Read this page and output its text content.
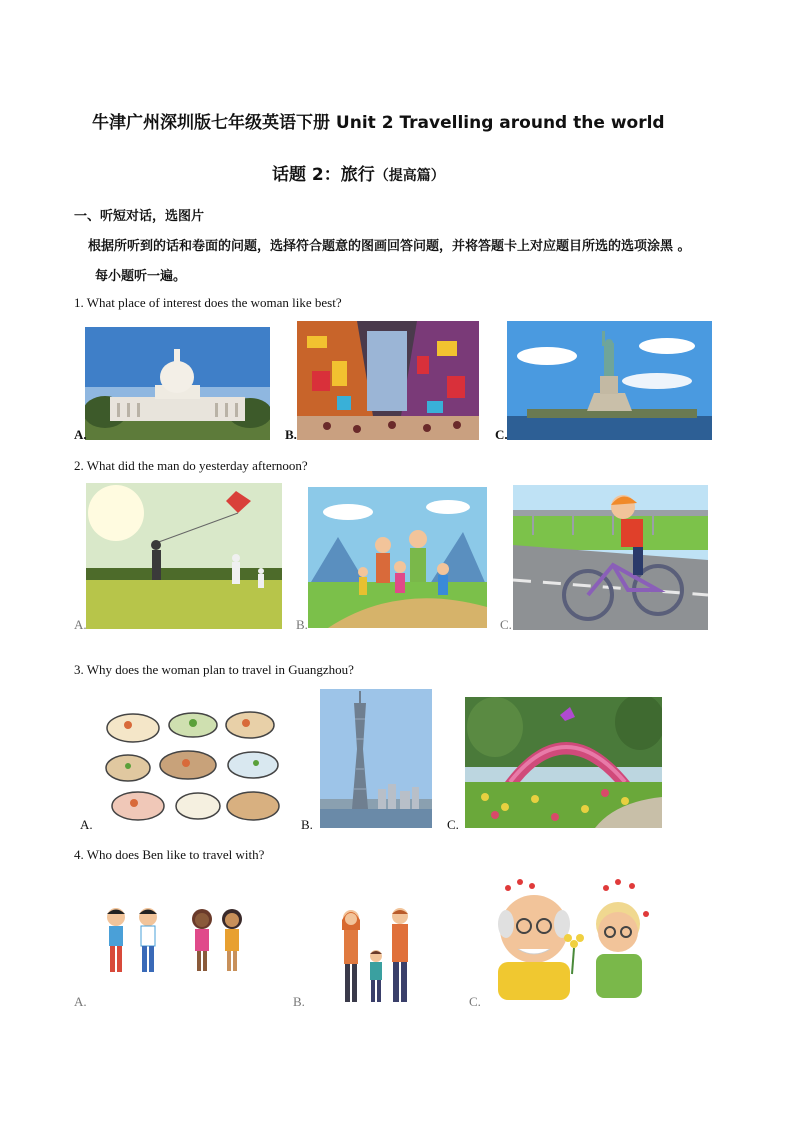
牛津广州深圳版七年级英语下册 Unit 2 Travelling around the world
话题 2：旅行（提高篇）
一、听短对话，选图片
根据所听到的话和卷面的问题，选择符合题意的图画回答问题，并将答题卡上对应题目所选的选项涂黑 。
每小题听一遍。
1. What place of interest does the woman like best?
A.	B.	C.
2. What did the man do yesterday afternoon?
A.	B.	C.
3. Why does the woman plan to travel in Guangzhou?
A.	B.	C.
4. Who does Ben like to travel with?
A.	B.	C.
